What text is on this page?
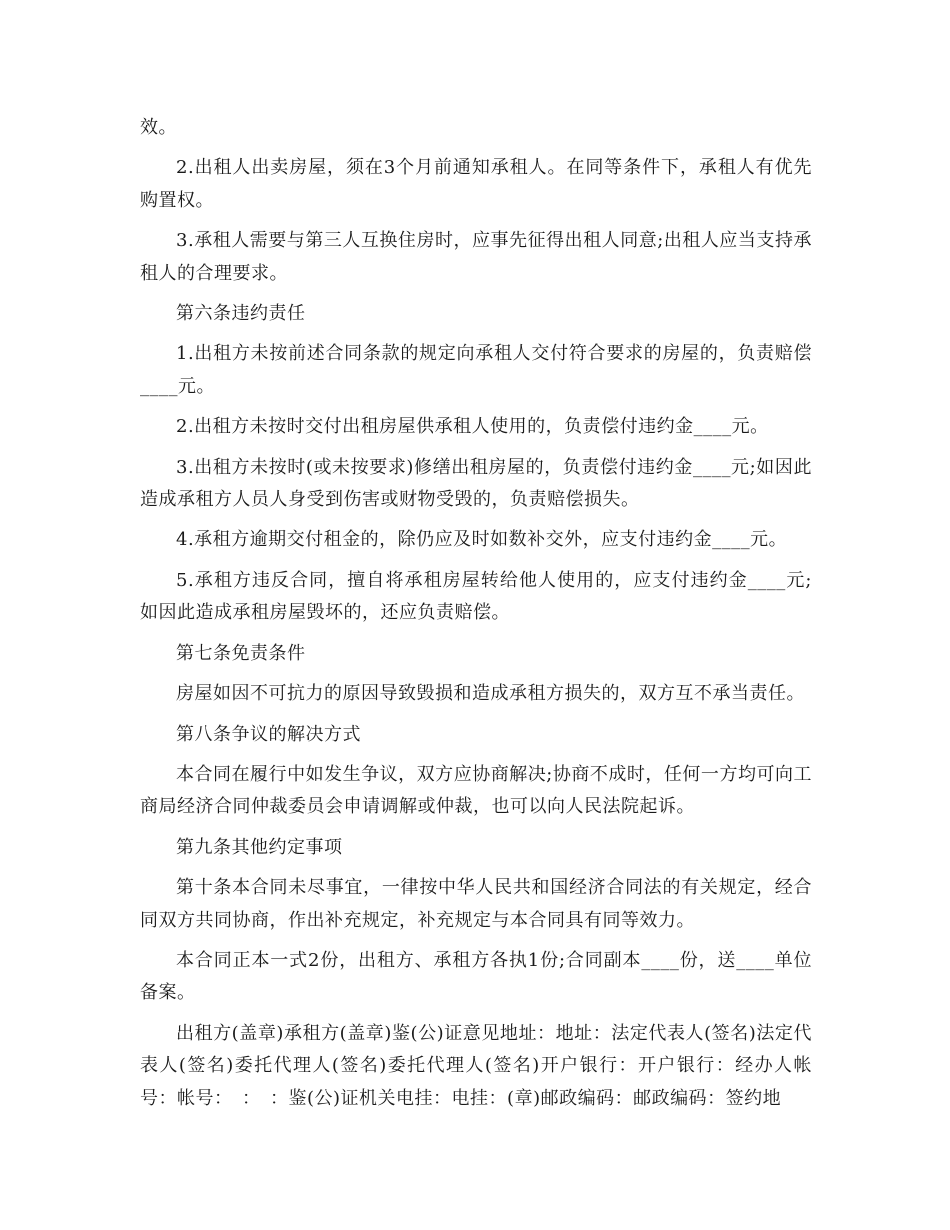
效。

2.出租人出卖房屋，须在3个月前通知承租人。在同等条件下，承租人有优先购置权。

3.承租人需要与第三人互换住房时，应事先征得出租人同意;出租人应当支持承租人的合理要求。

第六条违约责任

1.出租方未按前述合同条款的规定向承租人交付符合要求的房屋的，负责赔偿____元。

2.出租方未按时交付出租房屋供承租人使用的，负责偿付违约金____元。

3.出租方未按时(或未按要求)修缮出租房屋的，负责偿付违约金____元;如因此造成承租方人员人身受到伤害或财物受毁的，负责赔偿损失。

4.承租方逾期交付租金的，除仍应及时如数补交外，应支付违约金____元。

5.承租方违反合同，擅自将承租房屋转给他人使用的，应支付违约金____元;如因此造成承租房屋毁坏的，还应负责赔偿。

第七条免责条件

房屋如因不可抗力的原因导致毁损和造成承租方损失的，双方互不承当责任。

第八条争议的解决方式

本合同在履行中如发生争议，双方应协商解决;协商不成时，任何一方均可向工商局经济合同仲裁委员会申请调解或仲裁，也可以向人民法院起诉。

第九条其他约定事项

第十条本合同未尽事宜，一律按中华人民共和国经济合同法的有关规定，经合同双方共同协商，作出补充规定，补充规定与本合同具有同等效力。

本合同正本一式2份，出租方、承租方各执1份;合同副本____份，送____单位备案。

出租方(盖章)承租方(盖章)鉴(公)证意见地址：地址：法定代表人(签名)法定代表人(签名)委托代理人(签名)委托代理人(签名)开户银行：开户银行：经办人帐号：帐号：　：　：鉴(公)证机关电挂：电挂：(章)邮政编码：邮政编码：签约地
